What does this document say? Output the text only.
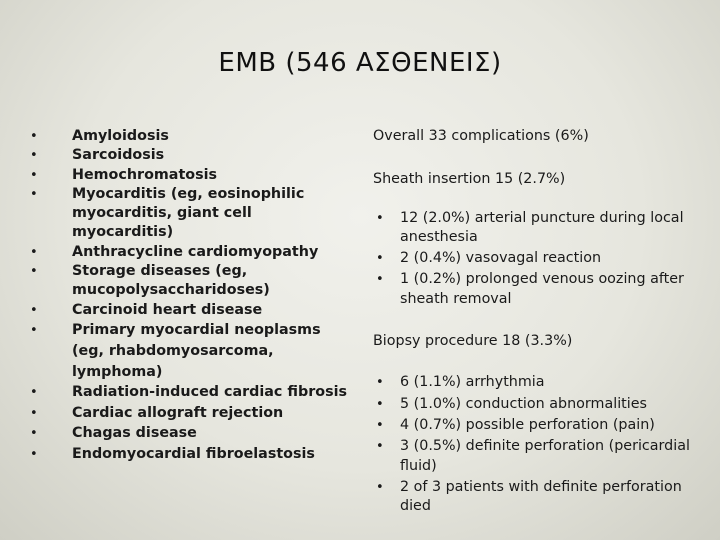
EMB (546 ΑΣΘΕΝΕΙΣ)
• Amyloidosis
• Sarcoidosis
• Hemochromatosis
• Myocarditis (eg, eosinophilic myocarditis, giant cell myocarditis)
• Anthracycline cardiomyopathy
• Storage diseases (eg, mucopolysaccharidoses)
• Carcinoid heart disease
• Primary myocardial neoplasms (eg, rhabdomyosarcoma, lymphoma)
• Radiation-induced cardiac fibrosis
• Cardiac allograft rejection
• Chagas disease
• Endomyocardial fibroelastosis

Overall 33 complications (6%)

Sheath insertion 15 (2.7%)

• 12 (2.0%) arterial puncture during local anesthesia
• 2 (0.4%) vasovagal reaction
• 1 (0.2%) prolonged venous oozing after sheath removal

Biopsy procedure 18 (3.3%)

• 6 (1.1%) arrhythmia
• 5 (1.0%) conduction abnormalities
• 4 (0.7%) possible perforation (pain)
• 3 (0.5%) definite perforation (pericardial fluid)
• 2 of 3 patients with definite perforation died
